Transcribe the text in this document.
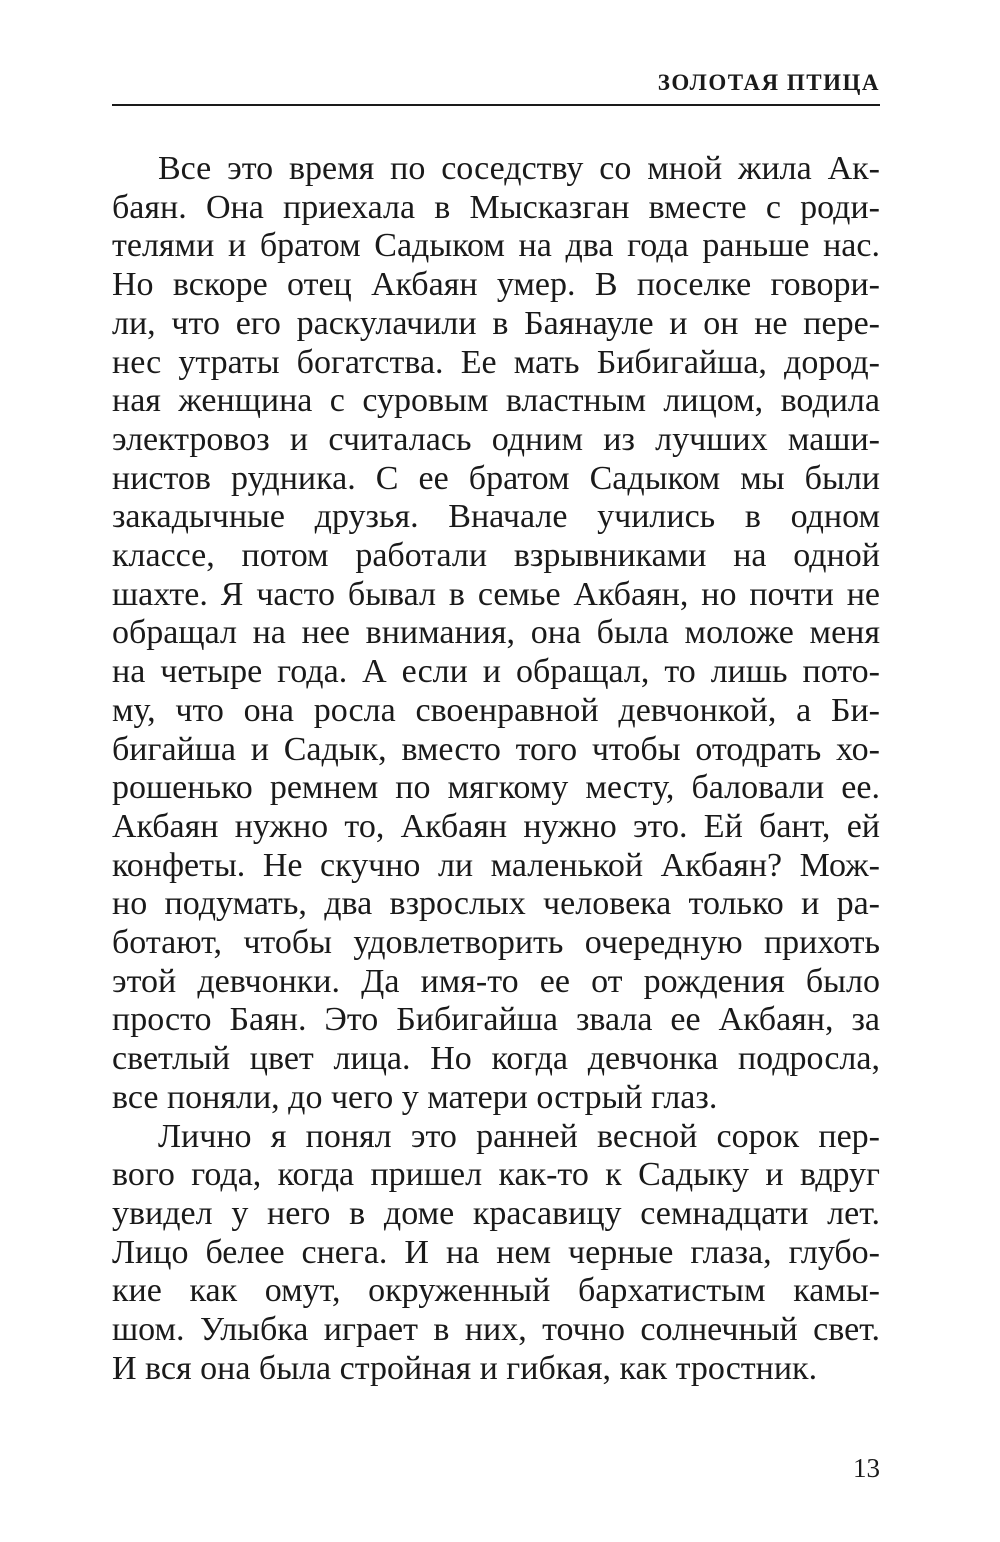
ЗОЛОТАЯ ПТИЦА
Все это время по соседству со мной жила Ак-
баян. Она приехала в Мысказган вместе с роди-
телями и братом Садыком на два года раньше нас.
Но вскоре отец Акбаян умер. В поселке говори-
ли, что его раскулачили в Баянауле и он не пере-
нес утраты богатства. Ее мать Бибигайша, дород-
ная женщина с суровым властным лицом, водила
электровоз и считалась одним из лучших маши-
нистов рудника. С ее братом Садыком мы были
закадычные друзья. Вначале учились в одном
классе, потом работали взрывниками на одной
шахте. Я часто бывал в семье Акбаян, но почти не
обращал на нее внимания, она была моложе меня
на четыре года. А если и обращал, то лишь пото-
му, что она росла своенравной девчонкой, а Би-
бигайша и Садык, вместо того чтобы отодрать хо-
рошенько ремнем по мягкому месту, баловали ее.
Акбаян нужно то, Акбаян нужно это. Ей бант, ей
конфеты. Не скучно ли маленькой Акбаян? Мож-
но подумать, два взрослых человека только и ра-
ботают, чтобы удовлетворить очередную прихоть
этой девчонки. Да имя-то ее от рождения было
просто Баян. Это Бибигайша звала ее Акбаян, за
светлый цвет лица. Но когда девчонка подросла,
все поняли, до чего у матери острый глаз.
Лично я понял это ранней весной сорок пер-
вого года, когда пришел как-то к Садыку и вдруг
увидел у него в доме красавицу семнадцати лет.
Лицо белее снега. И на нем черные глаза, глубо-
кие как омут, окруженный бархатистым камы-
шом. Улыбка играет в них, точно солнечный свет.
И вся она была стройная и гибкая, как тростник.
13
